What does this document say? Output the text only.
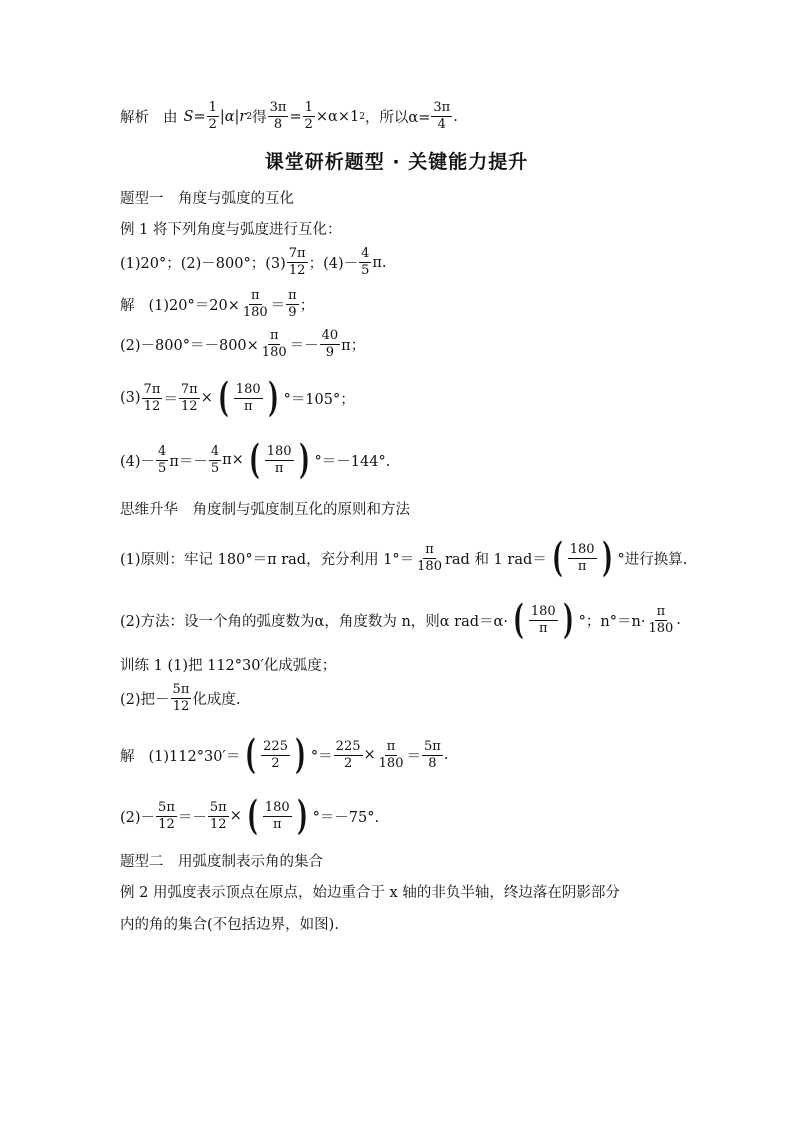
解析 由 $S = \frac{1}{2} |\alpha|r$ 2 得 $\frac{3\pi}{8} = \frac{1}{2} \times\alpha\times 1$ 2 ，所以$\alpha= \frac{3\pi}{4}$ .
课堂研析题型 · 关键能力提升
题型一　角度与弧度的互化
例 1 将下列角度与弧度进行互化：
(1)20°；(2)－800°；$(3) \frac{7\pi}{12}$ ；$(4)- \frac{4}{5} \pi$.
解 $(1)20^\circ=20\times \frac{\pi}{180} = \frac{\pi}{9}$ ；
$(2)-800^\circ=-800\times \frac{\pi}{180} =- \frac{40}{9}$ π；
$(3) \frac{7\pi}{12} = \frac{7\pi}{12}$ × ( $\frac{180}{\pi}$ ) °＝105°；
$(4)- \frac{4}{5} \pi=- \frac{4}{5} \pi\times$ ( $\frac{180}{\pi}$ ) °＝－144°.
思维升华　角度制与弧度制互化的原则和方法
(1)原则：牢记 180°＝π rad，充分利用 $1^\circ= \frac{\pi}{180}$ rad 和 1 rad＝ ( $\frac{180}{\pi}$ ) °进行换算.
(2)方法：设一个角的弧度数为α，角度数为 n，则α rad＝α· ( $\frac{180}{\pi}$ ) °；$n^\circ=n\cdot \frac{\pi}{180}$ .
训练 1 (1)把 112°30′化成弧度；
(2)把－ $\frac{5\pi}{12}$ 化成度.
解 (1)112°30′＝ ( $\frac{225}{2}$ ) °＝ $\frac{225}{2} \times \frac{\pi}{180} = \frac{5\pi}{8}$ .
$(2)- \frac{5\pi}{12} =- \frac{5\pi}{12}$ × ( $\frac{180}{\pi}$ ) °＝－75°.
题型二　用弧度制表示角的集合
例 2 用弧度表示顶点在原点，始边重合于 x 轴的非负半轴，终边落在阴影部分
内的角的集合(不包括边界，如图).
